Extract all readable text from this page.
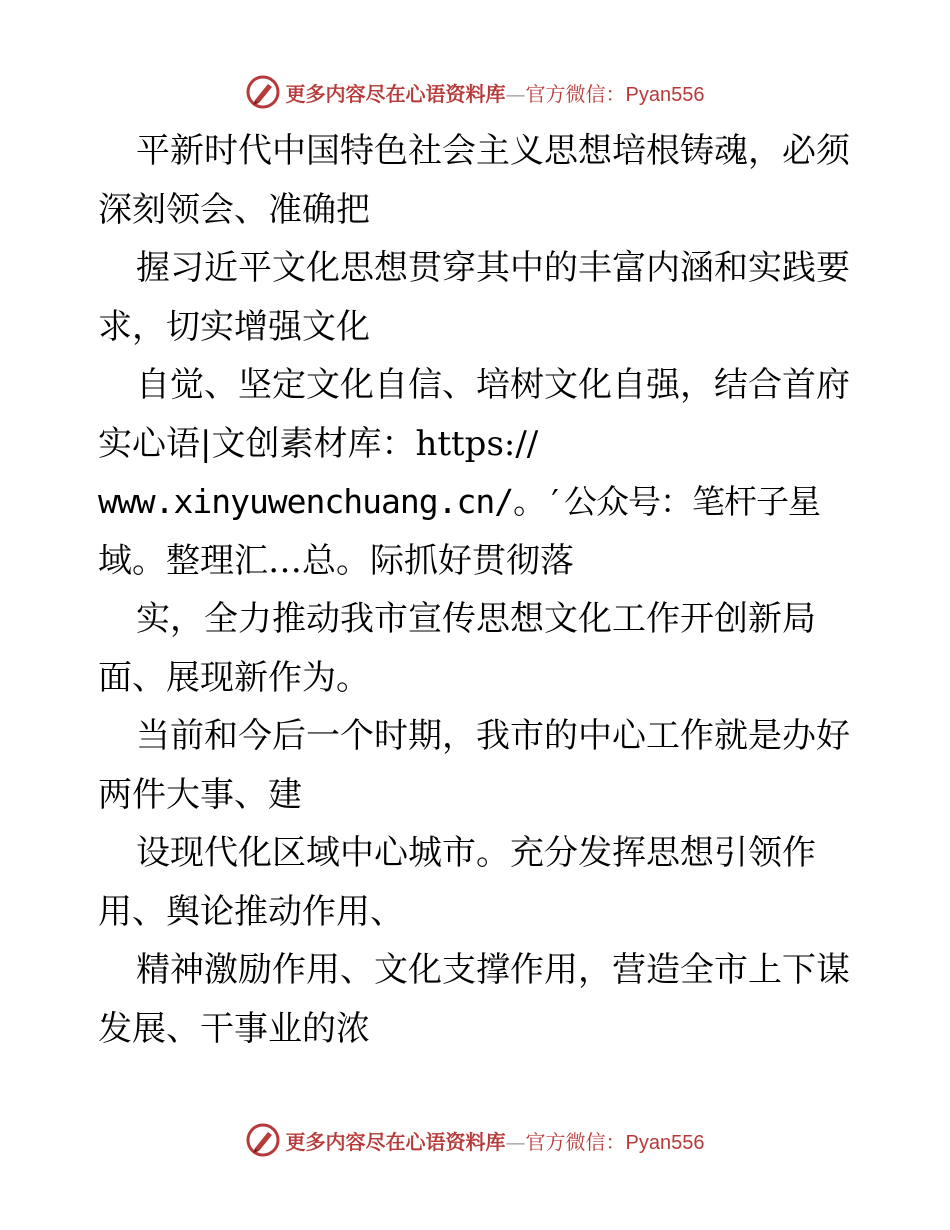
更多内容尽在心语资料库—官方微信：Pyan556
平新时代中国特色社会主义思想培根铸魂，必须
深刻领会、准确把
握习近平文化思想贯穿其中的丰富内涵和实践要
求，切实增强文化
自觉、坚定文化自信、培树文化自强，结合首府
实心语|文创素材库：https://
www.xinyuwenchuang.cn/。′公众号：笔杆子星
域。整理汇…总。际抓好贯彻落
实，全力推动我市宣传思想文化工作开创新局
面、展现新作为。
当前和今后一个时期，我市的中心工作就是办好
两件大事、建
设现代化区域中心城市。充分发挥思想引领作
用、舆论推动作用、
精神激励作用、文化支撑作用，营造全市上下谋
发展、干事业的浓
更多内容尽在心语资料库—官方微信：Pyan556
